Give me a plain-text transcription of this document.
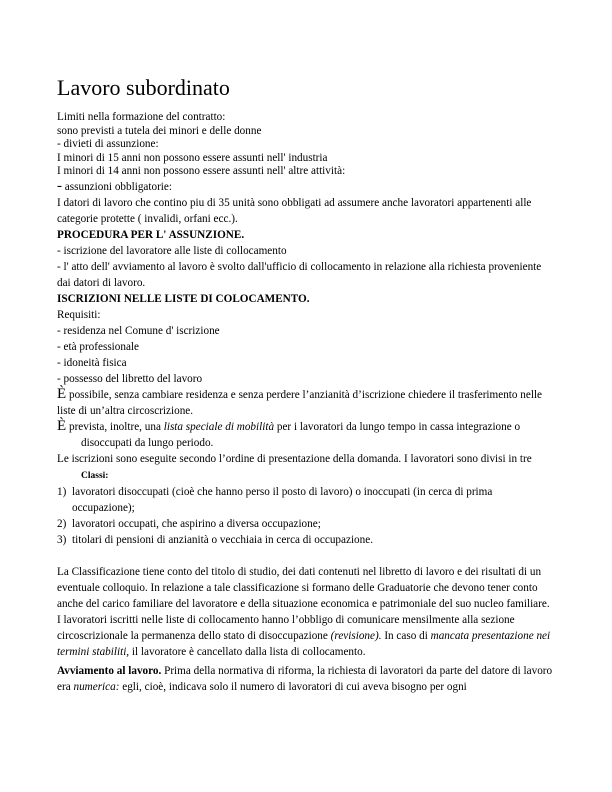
Lavoro subordinato

Limiti nella formazione del contratto:

sono previsti a tutela dei minori e delle donne

- divieti di assunzione:

I minori di 15 anni non possono essere assunti nell' industria

I minori di 14 anni non possono essere assunti nell' altre attività:

- assunzioni obbligatorie:

I datori di lavoro che contino piu di 35 unità sono obbligati ad assumere anche lavoratori appartenenti alle categorie protette ( invalidi, orfani ecc.).

PROCEDURA PER L' ASSUNZIONE.

- iscrizione del lavoratore alle liste di collocamento

- l' atto dell' avviamento al lavoro è svolto dall'ufficio di collocamento in relazione alla richiesta proveniente dai datori di lavoro.

ISCRIZIONI NELLE LISTE DI COLOCAMENTO.

Requisiti:

- residenza nel Comune d' iscrizione

- età professionale

- idoneità fisica

- possesso del libretto del lavoro

È possibile, senza cambiare residenza e senza perdere l’anzianità d’iscrizione chiedere il trasferimento nelle liste di un’altra circoscrizione.

È prevista, inoltre, una lista speciale di mobilità per i lavoratori da lungo tempo in cassa integrazione o disoccupati da lungo periodo.

Le iscrizioni sono eseguite secondo l’ordine di presentazione della domanda. I lavoratori sono divisi in tre Classi:

1) lavoratori disoccupati (cioè che hanno perso il posto di lavoro) o inoccupati (in cerca di prima occupazione);
2) lavoratori occupati, che aspirino a diversa occupazione;
3) titolari di pensioni di anzianità o vecchiaia in cerca di occupazione.

La Classificazione tiene conto del titolo di studio, dei dati contenuti nel libretto di lavoro e dei risultati di un eventuale colloquio. In relazione a tale classificazione si formano delle Graduatorie che devono tener conto anche del carico familiare del lavoratore e della situazione economica e patrimoniale del suo nucleo familiare.

I lavoratori iscritti nelle liste di collocamento hanno l’obbligo di comunicare mensilmente alla sezione circoscrizionale la permanenza dello stato di disoccupazione (revisione). In caso di mancata presentazione nei termini stabiliti, il lavoratore è cancellato dalla lista di collocamento.

Avviamento al lavoro. Prima della normativa di riforma, la richiesta di lavoratori da parte del datore di lavoro era numerica: egli, cioè, indicava solo il numero di lavoratori di cui aveva bisogno per ogni
